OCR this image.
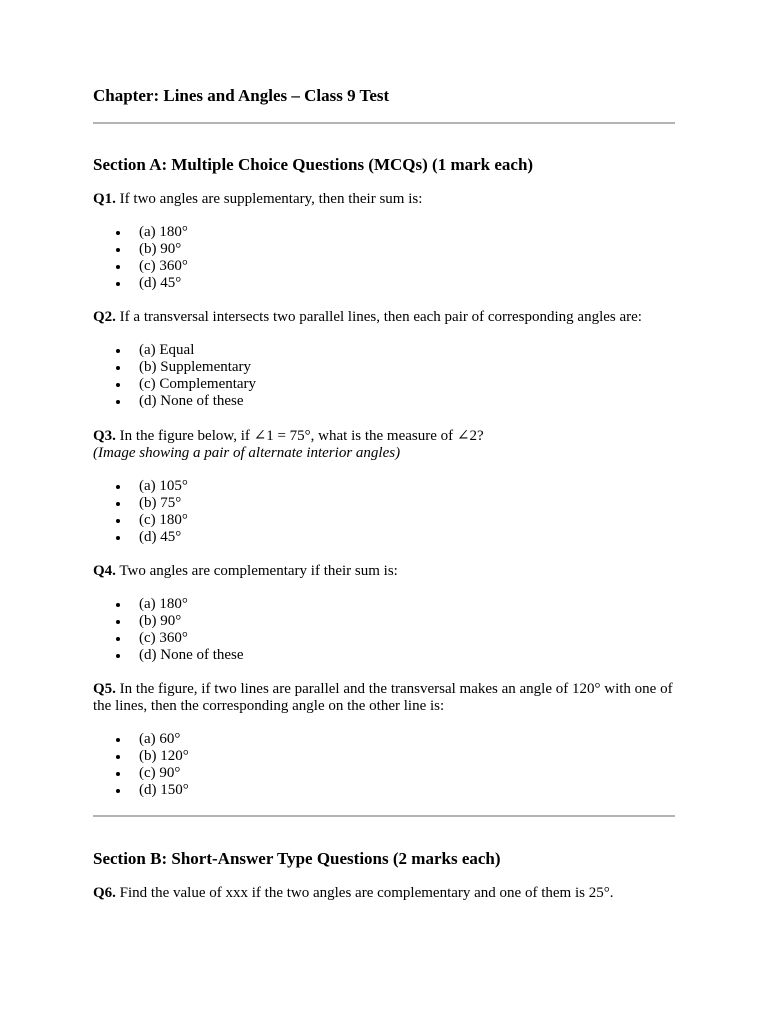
Chapter: Lines and Angles – Class 9 Test
Section A: Multiple Choice Questions (MCQs) (1 mark each)

Q1. If two angles are supplementary, then their sum is:

(a) 180°
(b) 90°
(c) 360°
(d) 45°

Q2. If a transversal intersects two parallel lines, then each pair of corresponding angles are:

(a) Equal
(b) Supplementary
(c) Complementary
(d) None of these

Q3. In the figure below, if ∠1 = 75°, what is the measure of ∠2?

(Image showing a pair of alternate interior angles)

(a) 105°
(b) 75°
(c) 180°
(d) 45°

Q4. Two angles are complementary if their sum is:

(a) 180°
(b) 90°
(c) 360°
(d) None of these

Q5. In the figure, if two lines are parallel and the transversal makes an angle of 120° with one of the lines, then the corresponding angle on the other line is:

(a) 60°
(b) 120°
(c) 90°
(d) 150°
Section B: Short-Answer Type Questions (2 marks each)

Q6. Find the value of xxx if the two angles are complementary and one of them is 25°.
